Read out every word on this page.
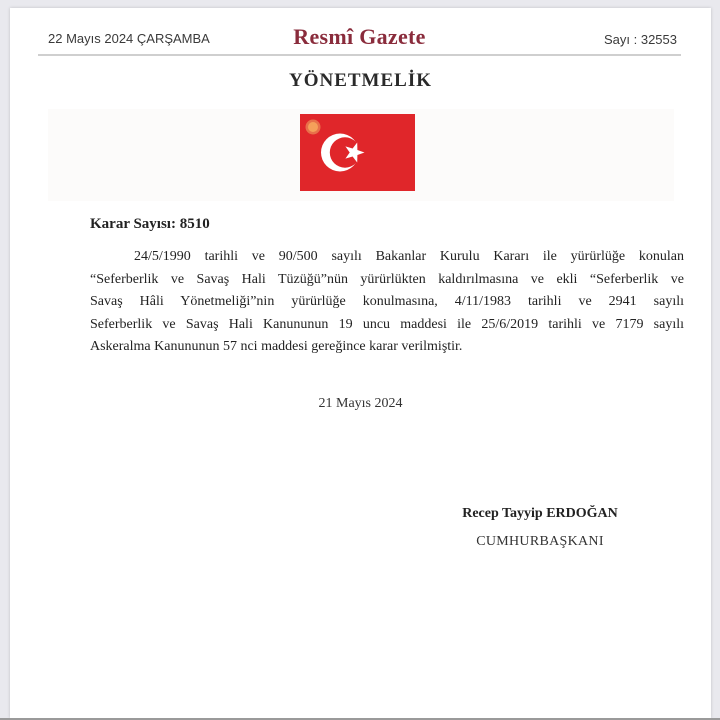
22 Mayıs 2024 ÇARŞAMBA	Resmî Gazete	Sayı : 32553
YÖNETMELİK
Karar Sayısı: 8510
24/5/1990 tarihli ve 90/500 sayılı Bakanlar Kurulu Kararı ile yürürlüğe konulan
“Seferberlik ve Savaş Hali Tüzüğü”nün yürürlükten kaldırılmasına ve ekli “Seferberlik ve
Savaş Hâli Yönetmeliği”nin yürürlüğe konulmasına, 4/11/1983 tarihli ve 2941 sayılı
Seferberlik ve Savaş Hali Kanununun 19 uncu maddesi ile 25/6/2019 tarihli ve 7179 sayılı
Askeralma Kanununun 57 nci maddesi gereğince karar verilmiştir.
21 Mayıs 2024
Recep Tayyip ERDOĞAN
CUMHURBAŞKANI
